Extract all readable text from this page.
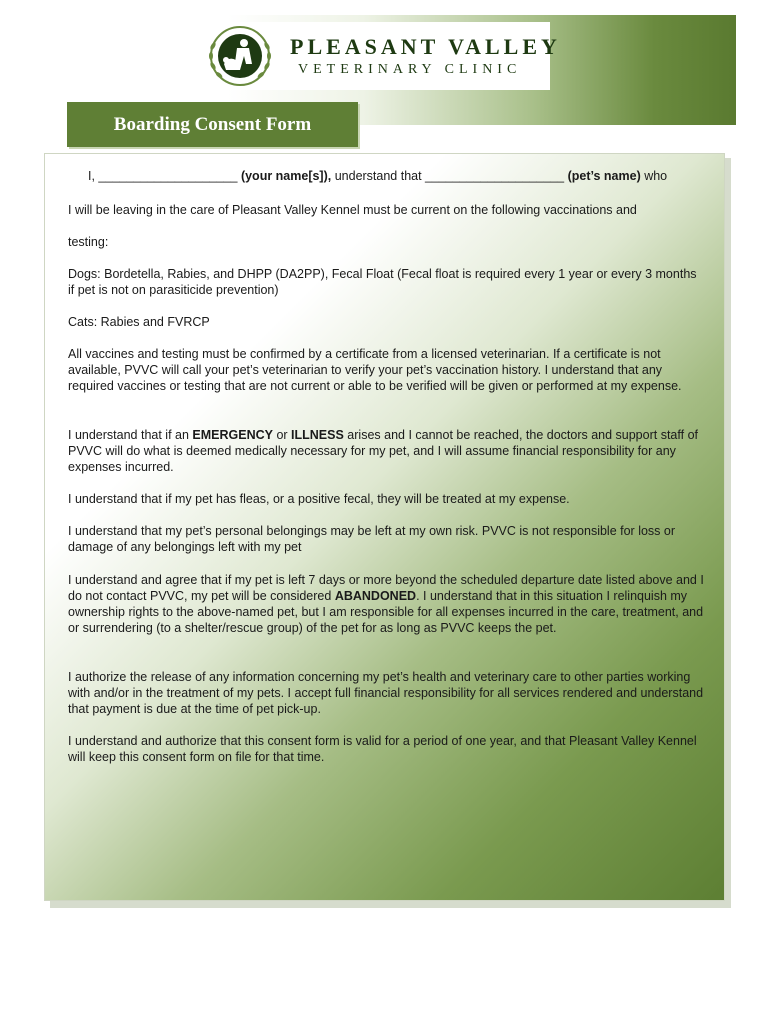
PLEASANT VALLEY
VETERINARY CLINIC
Boarding Consent Form
I, ____________________ (your name[s]), understand that ____________________ (pet’s name) who
I will be leaving in the care of Pleasant Valley Kennel must be current on the following vaccinations and
testing:
Dogs: Bordetella, Rabies, and DHPP (DA2PP), Fecal Float (Fecal float is required every 1 year or every 3 months if pet is not on parasiticide prevention)
Cats: Rabies and FVRCP
All vaccines and testing must be confirmed by a certificate from a licensed veterinarian. If a certificate is not available, PVVC will call your pet’s veterinarian to verify your pet’s vaccination history. I understand that any required vaccines or testing that are not current or able to be verified will be given or performed at my expense.
I understand that if an EMERGENCY or ILLNESS arises and I cannot be reached, the doctors and support staff of PVVC will do what is deemed medically necessary for my pet, and I will assume financial responsibility for any expenses incurred.
I understand that if my pet has fleas, or a positive fecal, they will be treated at my expense.
I understand that my pet’s personal belongings may be left at my own risk. PVVC is not responsible for loss or damage of any belongings left with my pet
I understand and agree that if my pet is left 7 days or more beyond the scheduled departure date listed above and I do not contact PVVC, my pet will be considered ABANDONED. I understand that in this situation I relinquish my ownership rights to the above-named pet, but I am responsible for all expenses incurred in the care, treatment, and or surrendering (to a shelter/rescue group) of the pet for as long as PVVC keeps the pet.
I authorize the release of any information concerning my pet’s health and veterinary care to other parties working with and/or in the treatment of my pets. I accept full financial responsibility for all services rendered and understand that payment is due at the time of pet pick-up.
I understand and authorize that this consent form is valid for a period of one year, and that Pleasant Valley Kennel will keep this consent form on file for that time.
